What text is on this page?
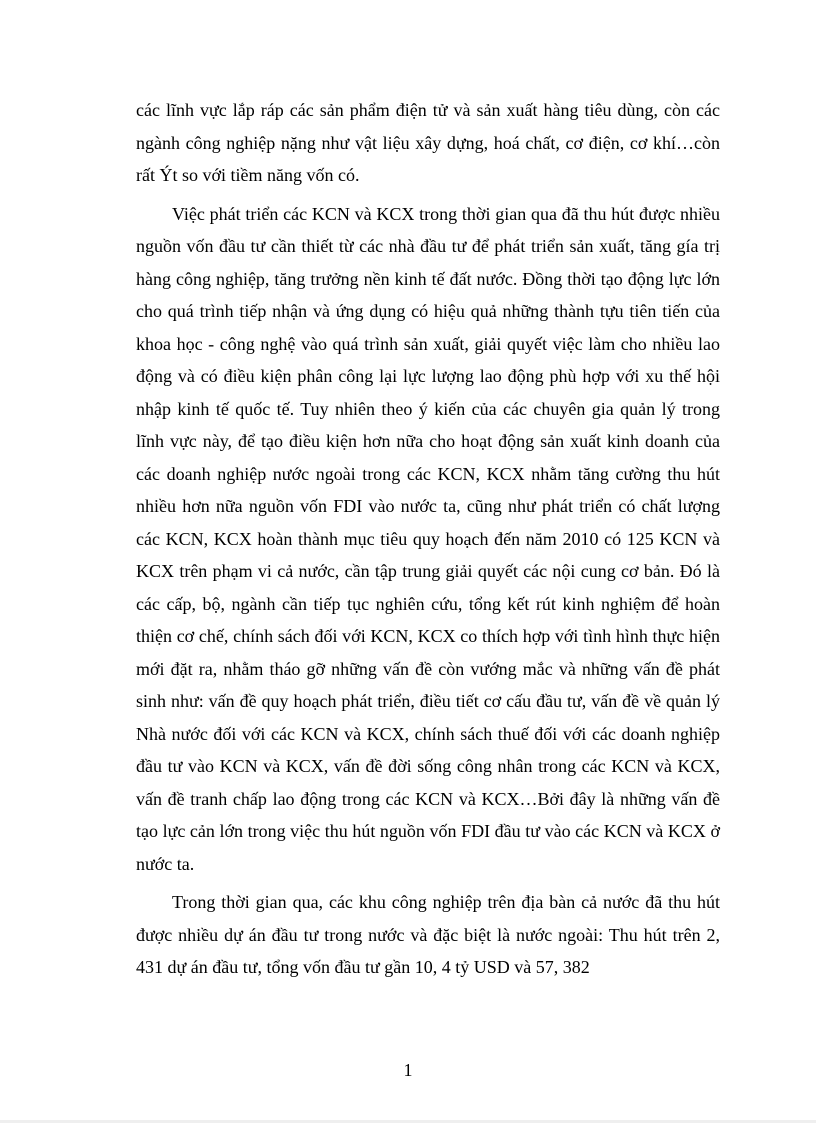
các lĩnh vực lắp ráp các sản phẩm điện tử và sản xuất hàng tiêu dùng, còn các ngành công nghiệp nặng như vật liệu xây dựng, hoá chất, cơ điện, cơ khí…còn rất Ýt so với tiềm năng vốn có.

Việc phát triển các KCN và KCX trong thời gian qua đã thu hút được nhiều nguồn vốn đầu tư cần thiết từ các nhà đầu tư để phát triển sản xuất, tăng gía trị hàng công nghiệp, tăng trưởng nền kinh tế đất nước. Đồng thời tạo động lực lớn cho quá trình tiếp nhận và ứng dụng có hiệu quả những thành tựu tiên tiến của khoa học - công nghệ vào quá trình sản xuất, giải quyết việc làm cho nhiều lao động và có điều kiện phân công lại lực lượng lao động phù hợp với xu thế hội nhập kinh tế quốc tế. Tuy nhiên theo ý kiến của các chuyên gia quản lý trong lĩnh vực này, để tạo điều kiện hơn nữa cho hoạt động sản xuất kinh doanh của các doanh nghiệp nước ngoài trong các KCN, KCX nhằm tăng cường thu hút nhiều hơn nữa nguồn vốn FDI vào nước ta, cũng như phát triển có chất lượng các KCN, KCX hoàn thành mục tiêu quy hoạch đến năm 2010 có 125 KCN và KCX trên phạm vi cả nước, cần tập trung giải quyết các nội cung cơ bản. Đó là các cấp, bộ, ngành cần tiếp tục nghiên cứu, tổng kết rút kinh nghiệm để hoàn thiện cơ chế, chính sách đối với KCN, KCX co thích hợp với tình hình thực hiện mới đặt ra, nhằm tháo gỡ những vấn đề còn vướng mắc và những vấn đề phát sinh như: vấn đề quy hoạch phát triển, điều tiết cơ cấu đầu tư, vấn đề về quản lý Nhà nước đối với các KCN và KCX, chính sách thuế đối với các doanh nghiệp đầu tư vào KCN và KCX, vấn đề đời sống công nhân trong các KCN và KCX, vấn đề tranh chấp lao động trong các KCN và KCX…Bởi đây là những vấn đề tạo lực cản lớn trong việc thu hút nguồn vốn FDI đầu tư vào các KCN và KCX ở nước ta.

Trong thời gian qua, các khu công nghiệp trên địa bàn cả nước đã thu hút được nhiều dự án đầu tư trong nước và đặc biệt là nước ngoài: Thu hút trên 2, 431 dự án đầu tư, tổng vốn đầu tư gần 10, 4 tỷ USD và 57, 382

1
